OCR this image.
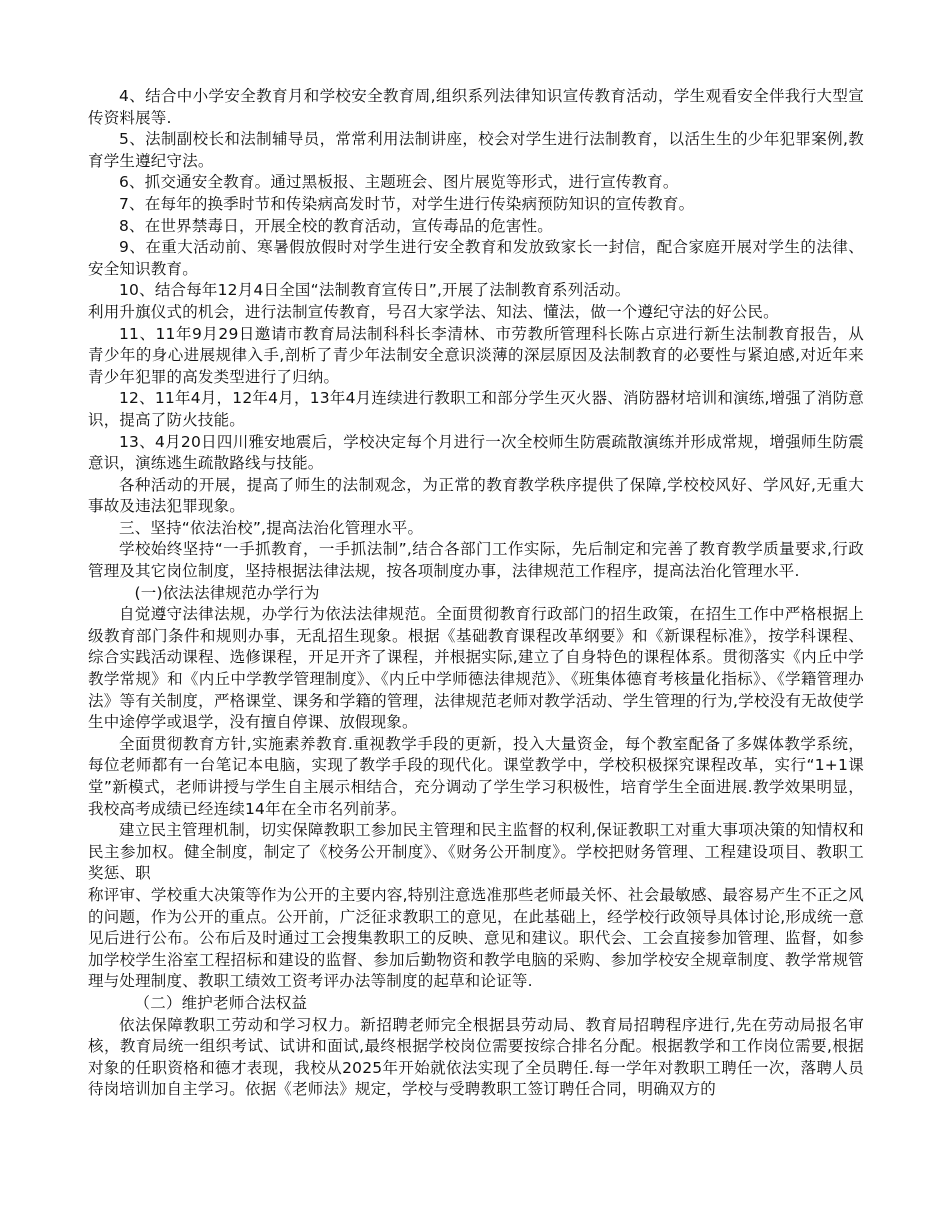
4、结合中小学安全教育月和学校安全教育周,组织系列法律知识宣传教育活动，学生观看安全伴我行大型宣传资料展等.

5、法制副校长和法制辅导员，常常利用法制讲座，校会对学生进行法制教育，以活生生的少年犯罪案例,教育学生遵纪守法。

6、抓交通安全教育。通过黑板报、主题班会、图片展览等形式，进行宣传教育。

7、在每年的换季时节和传染病高发时节，对学生进行传染病预防知识的宣传教育。

8、在世界禁毒日，开展全校的教育活动，宣传毒品的危害性。

9、在重大活动前、寒暑假放假时对学生进行安全教育和发放致家长一封信，配合家庭开展对学生的法律、安全知识教育。

10、结合每年12月4日全国“法制教育宣传日”,开展了法制教育系列活动。

利用升旗仪式的机会，进行法制宣传教育，号召大家学法、知法、懂法，做一个遵纪守法的好公民。

11、11年9月29日邀请市教育局法制科科长李清林、市劳教所管理科长陈占京进行新生法制教育报告，从青少年的身心进展规律入手,剖析了青少年法制安全意识淡薄的深层原因及法制教育的必要性与紧迫感,对近年来青少年犯罪的高发类型进行了归纳。

12、11年4月，12年4月，13年4月连续进行教职工和部分学生灭火器、消防器材培训和演练,增强了消防意识，提高了防火技能。

13、4月20日四川雅安地震后，学校决定每个月进行一次全校师生防震疏散演练并形成常规，增强师生防震意识，演练逃生疏散路线与技能。

各种活动的开展，提高了师生的法制观念，为正常的教育教学秩序提供了保障,学校校风好、学风好,无重大事故及违法犯罪现象。

三、坚持“依法治校”,提高法治化管理水平。

学校始终坚持“一手抓教育，一手抓法制”,结合各部门工作实际，先后制定和完善了教育教学质量要求,行政管理及其它岗位制度，坚持根据法律法规，按各项制度办事，法律规范工作程序，提高法治化管理水平.

(一)依法法律规范办学行为

自觉遵守法律法规，办学行为依法法律规范。全面贯彻教育行政部门的招生政策，在招生工作中严格根据上级教育部门条件和规则办事，无乱招生现象。根据《基础教育课程改革纲要》和《新课程标准》，按学科课程、综合实践活动课程、选修课程，开足开齐了课程，并根据实际,建立了自身特色的课程体系。贯彻落实《内丘中学教学常规》和《内丘中学教学管理制度》、《内丘中学师德法律规范》、《班集体德育考核量化指标》、《学籍管理办法》等有关制度，严格课堂、课务和学籍的管理，法律规范老师对教学活动、学生管理的行为,学校没有无故使学生中途停学或退学，没有擅自停课、放假现象。

全面贯彻教育方针,实施素养教育.重视教学手段的更新，投入大量资金，每个教室配备了多媒体教学系统，每位老师都有一台笔记本电脑，实现了教学手段的现代化。课堂教学中，学校积极探究课程改革，实行“1+1课堂”新模式，老师讲授与学生自主展示相结合，充分调动了学生学习积极性，培育学生全面进展.教学效果明显，我校高考成绩已经连续14年在全市名列前茅。

建立民主管理机制，切实保障教职工参加民主管理和民主监督的权利,保证教职工对重大事项决策的知情权和民主参加权。健全制度，制定了《校务公开制度》、《财务公开制度》。学校把财务管理、工程建设项目、教职工奖惩、职

称评审、学校重大决策等作为公开的主要内容,特别注意选准那些老师最关怀、社会最敏感、最容易产生不正之风的问题，作为公开的重点。公开前，广泛征求教职工的意见，在此基础上，经学校行政领导具体讨论,形成统一意见后进行公布。公布后及时通过工会搜集教职工的反映、意见和建议。职代会、工会直接参加管理、监督，如参加学校学生浴室工程招标和建设的监督、参加后勤物资和教学电脑的采购、参加学校安全规章制度、教学常规管理与处理制度、教职工绩效工资考评办法等制度的起草和论证等.

（二）维护老师合法权益

依法保障教职工劳动和学习权力。新招聘老师完全根据县劳动局、教育局招聘程序进行,先在劳动局报名审核，教育局统一组织考试、试讲和面试,最终根据学校岗位需要按综合排名分配。根据教学和工作岗位需要,根据对象的任职资格和德才表现，我校从2025年开始就依法实现了全员聘任.每一学年对教职工聘任一次，落聘人员待岗培训加自主学习。依据《老师法》规定，学校与受聘教职工签订聘任合同，明确双方的
